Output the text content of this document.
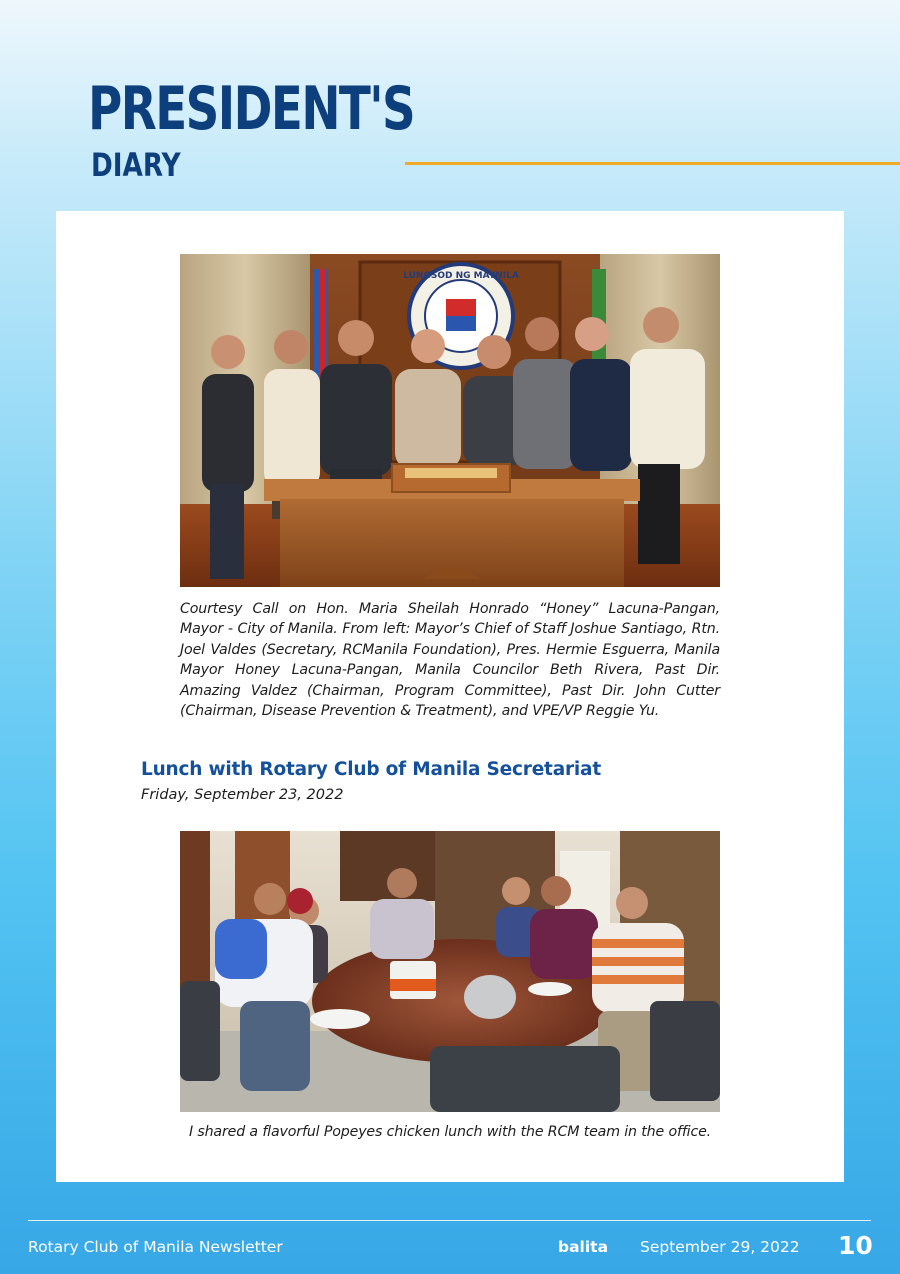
PRESIDENT'S
DIARY
LUNGSOD NG MAYNILA
Courtesy Call on Hon. Maria Sheilah Honrado “Honey” Lacuna-Pangan, Mayor - City of Manila. From left: Mayor’s Chief of Staff Joshue Santiago, Rtn. Joel Valdes (Secretary, RCManila Foundation), Pres. Hermie Esguerra, Manila Mayor Honey Lacuna-Pangan, Manila Councilor Beth Rivera, Past Dir. Amazing Valdez (Chairman, Program Committee), Past Dir. John Cutter (Chairman, Disease Prevention & Treatment), and VPE/VP Reggie Yu.
Lunch with Rotary Club of Manila Secretariat
Friday, September 23, 2022
I shared a flavorful Popeyes chicken lunch with the RCM team in the office.
Rotary Club of Manila Newsletter	balita September 29, 2022 10
